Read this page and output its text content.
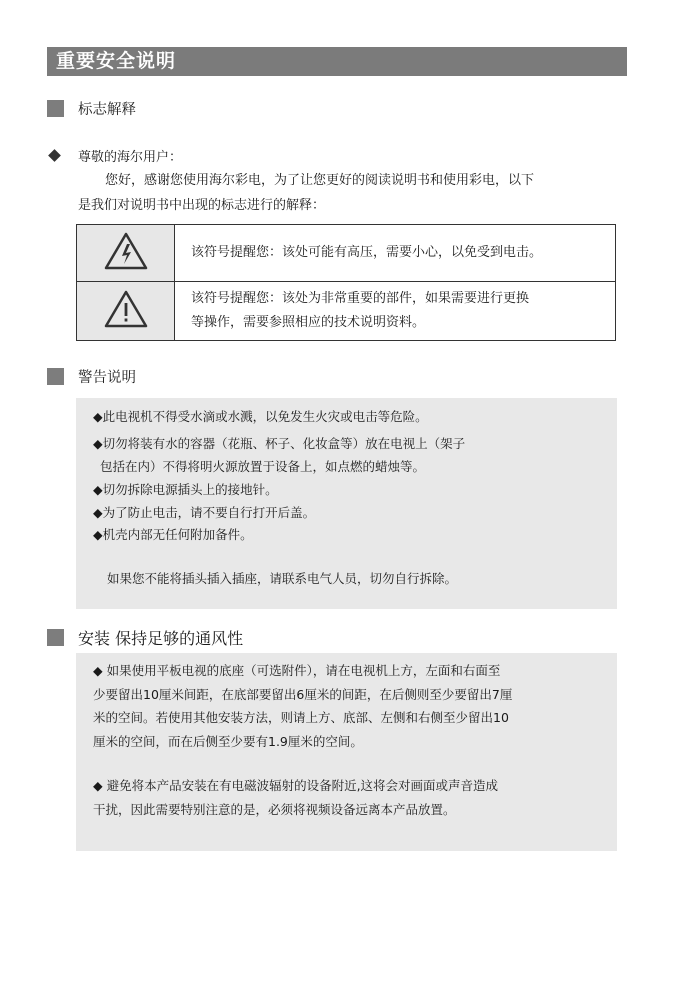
重要安全说明
标志解释
尊敬的海尔用户：
您好，感谢您使用海尔彩电，为了让您更好的阅读说明书和使用彩电，以下
是我们对说明书中出现的标志进行的解释：
	该符号提醒您：该处可能有高压，需要小心，以免受到电击。

该符号提醒您：该处为非常重要的部件，如果需要进行更换
等操作，需要参照相应的技术说明资料。
警告说明
◆此电视机不得受水滴或水溅，以免发生火灾或电击等危险。
◆切勿将装有水的容器（花瓶、杯子、化妆盒等）放在电视上（架子
包括在内）不得将明火源放置于设备上，如点燃的蜡烛等。
◆切勿拆除电源插头上的接地针。
◆为了防止电击，请不要自行打开后盖。
◆机壳内部无任何附加备件。
如果您不能将插头插入插座，请联系电气人员，切勿自行拆除。
安装 保持足够的通风性
◆ 如果使用平板电视的底座（可选附件），请在电视机上方，左面和右面至
少要留出10厘米间距，在底部要留出6厘米的间距，在后侧则至少要留出7厘
米的空间。若使用其他安装方法，则请上方、底部、左侧和右侧至少留出10
厘米的空间，而在后侧至少要有1.9厘米的空间。
◆ 避免将本产品安装在有电磁波辐射的设备附近,这将会对画面或声音造成
干扰，因此需要特别注意的是，必须将视频设备远离本产品放置。
